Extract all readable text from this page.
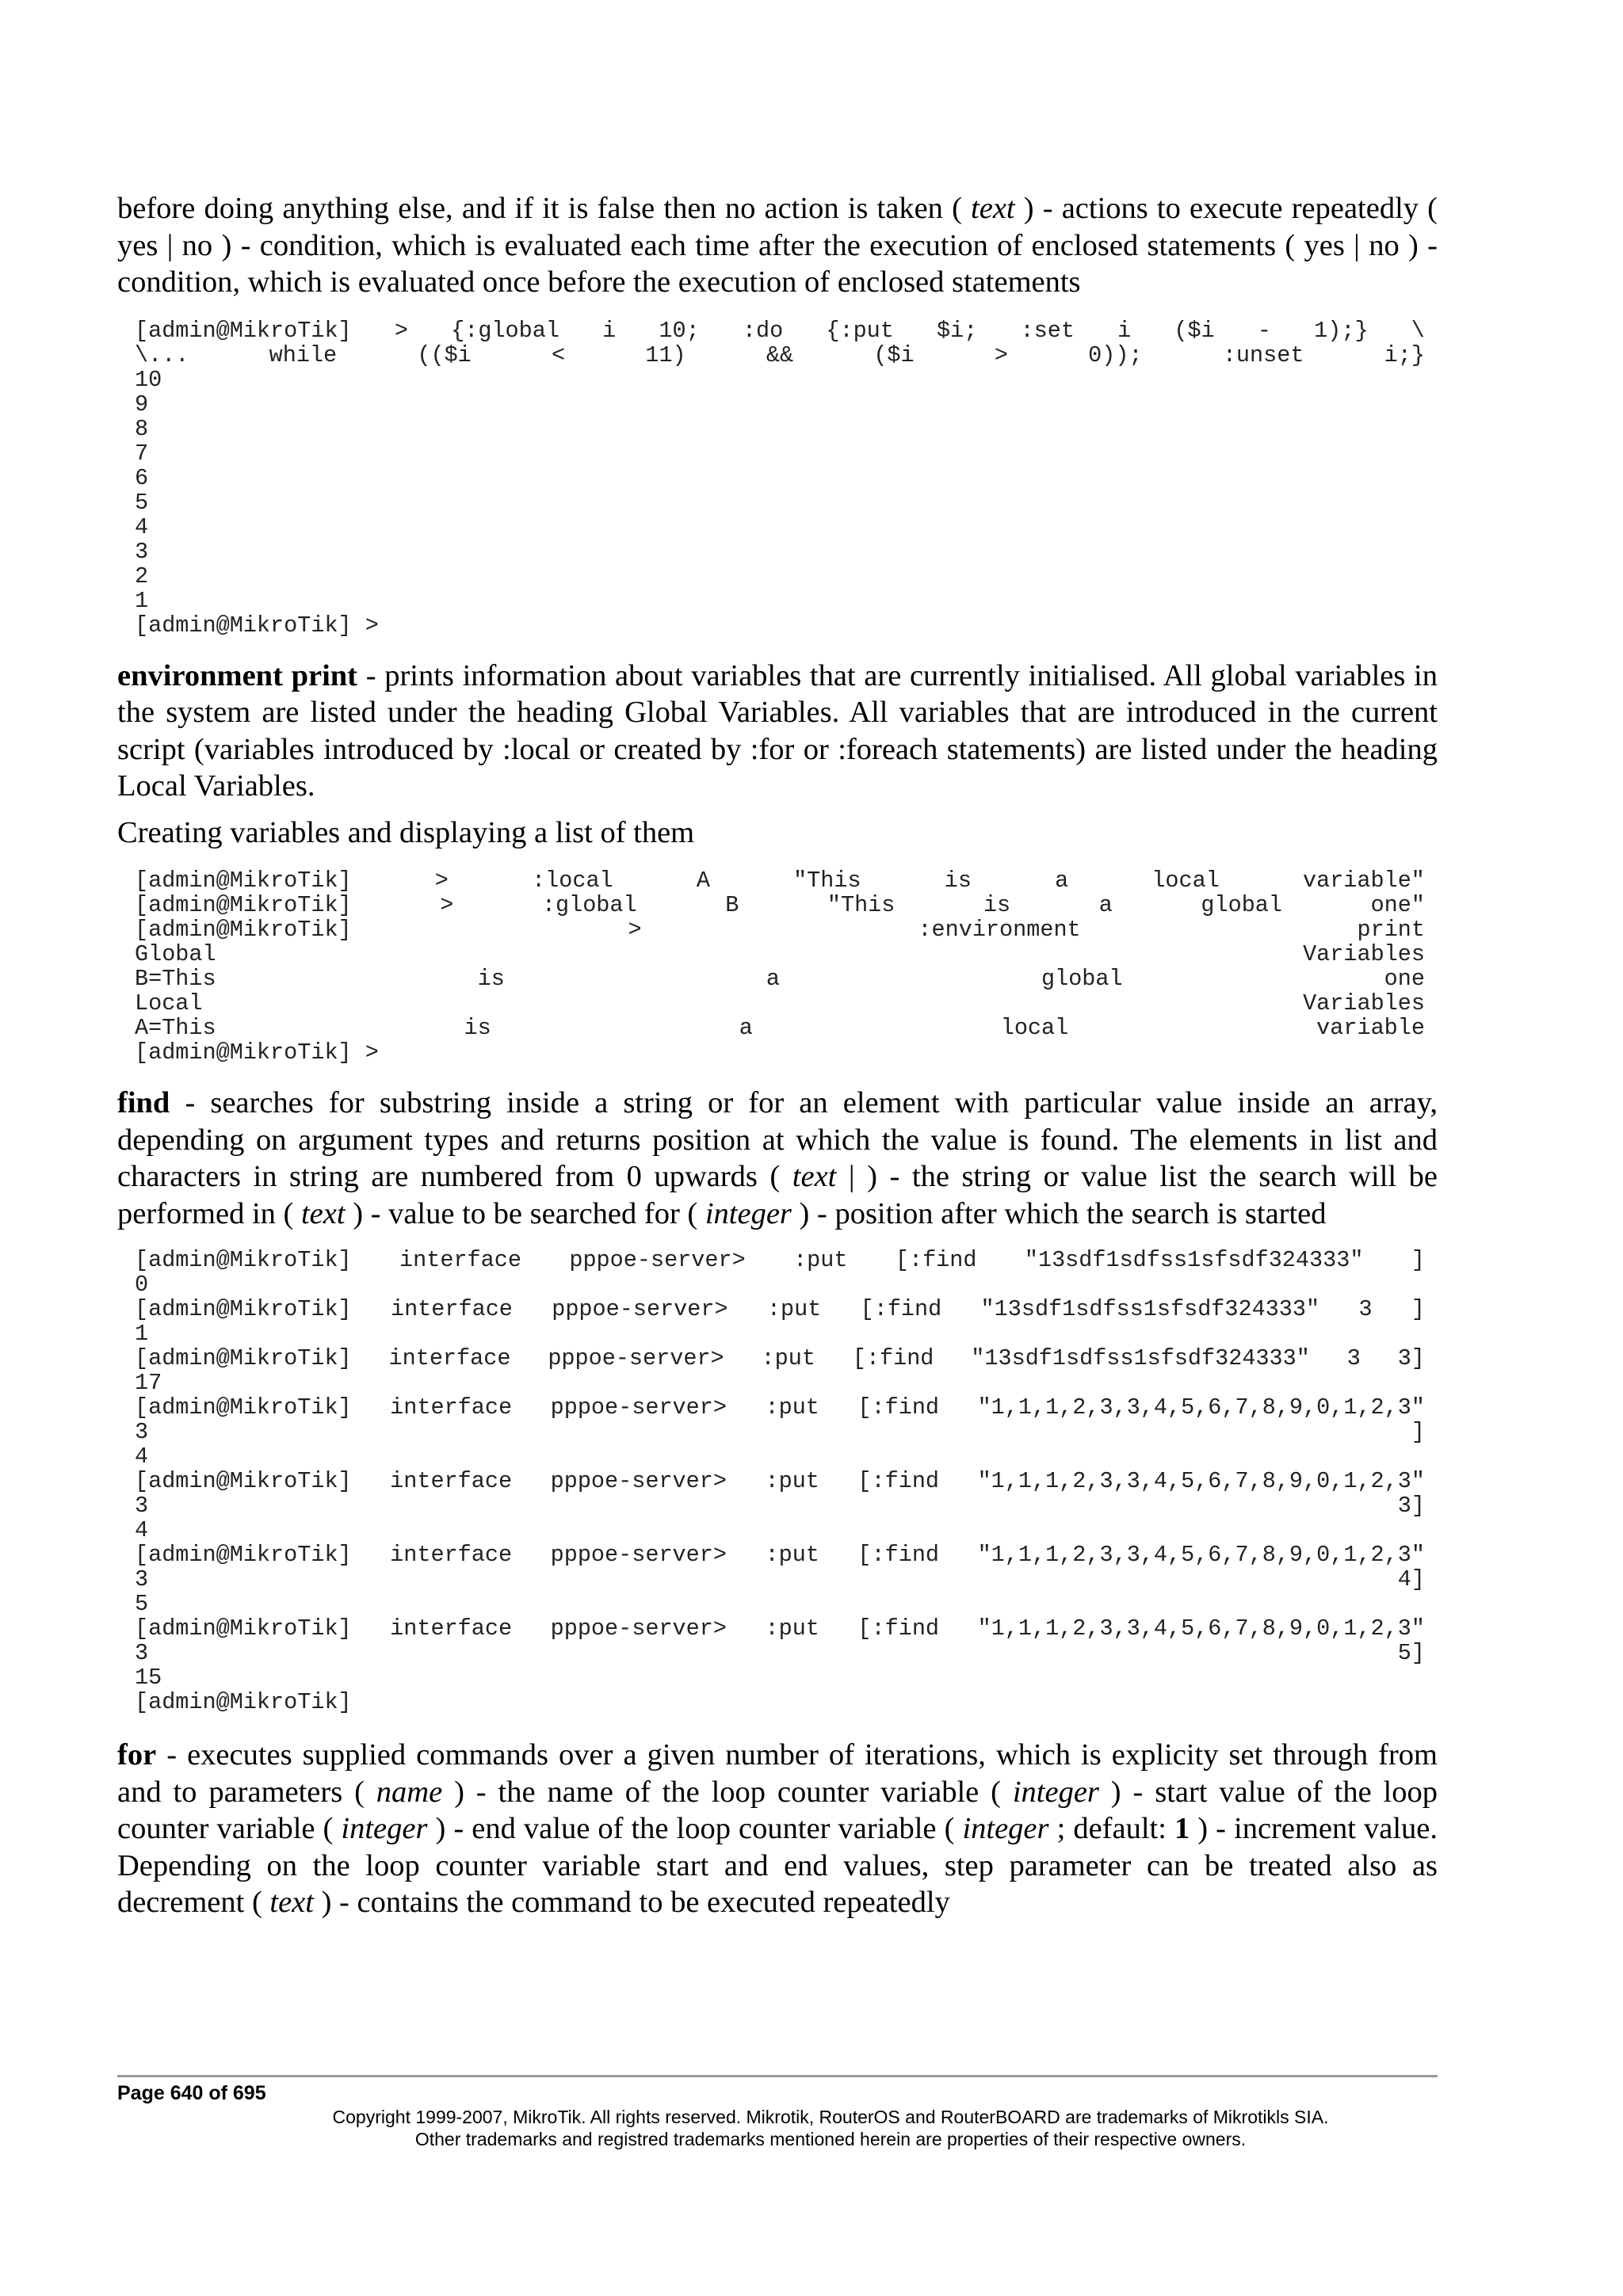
before doing anything else, and if it is false then no action is taken ( text ) - actions to execute repeatedly ( yes | no ) - condition, which is evaluated each time after the execution of enclosed statements ( yes | no ) - condition, which is evaluated once before the execution of enclosed statements

[admin@MikroTik] > {:global i 10; :do {:put $i; :set i ($i - 1);} \
\...	while	(($i	<	11)	&&	($i	>	0));	:unset	i;}
10
9
8
7
6
5
4
3
2
1
[admin@MikroTik] >

environment print - prints information about variables that are currently initialised. All global variables in the system are listed under the heading Global Variables. All variables that are introduced in the current script (variables introduced by :local or created by :for or :foreach statements) are listed under the heading Local Variables.

Creating variables and displaying a list of them

[admin@MikroTik]	>	:local	A	"This	is	a	local	variable"
[admin@MikroTik]	>	:global	B	"This	is	a	global	one"
[admin@MikroTik]	>	:environment	print
Global	Variables
B=This	is	a	global	one
Local	Variables
A=This	is	a	local	variable
[admin@MikroTik] >

find - searches for substring inside a string or for an element with particular value inside an array, depending on argument types and returns position at which the value is found. The elements in list and characters in string are numbered from 0 upwards ( text | ) - the string or value list the search will be performed in ( text ) - value to be searched for ( integer ) - position after which the search is started

[admin@MikroTik] interface pppoe-server> :put [:find "13sdf1sdfss1sfsdf324333" ]
0
[admin@MikroTik] interface pppoe-server> :put [:find "13sdf1sdfss1sfsdf324333" 3 ]
1
[admin@MikroTik] interface pppoe-server> :put [:find "13sdf1sdfss1sfsdf324333" 3 3]
17
[admin@MikroTik] interface pppoe-server> :put [:find "1,1,1,2,3,3,4,5,6,7,8,9,0,1,2,3"
3	]
4
[admin@MikroTik] interface pppoe-server> :put [:find "1,1,1,2,3,3,4,5,6,7,8,9,0,1,2,3"
3	3]
4
[admin@MikroTik] interface pppoe-server> :put [:find "1,1,1,2,3,3,4,5,6,7,8,9,0,1,2,3"
3	4]
5
[admin@MikroTik] interface pppoe-server> :put [:find "1,1,1,2,3,3,4,5,6,7,8,9,0,1,2,3"
3	5]
15
[admin@MikroTik]

for - executes supplied commands over a given number of iterations, which is explicity set through from and to parameters ( name ) - the name of the loop counter variable ( integer ) - start value of the loop counter variable ( integer ) - end value of the loop counter variable ( integer ; default: 1 ) - increment value. Depending on the loop counter variable start and end values, step parameter can be treated also as decrement ( text ) - contains the command to be executed repeatedly

Page 640 of 695
Copyright 1999-2007, MikroTik. All rights reserved. Mikrotik, RouterOS and RouterBOARD are trademarks of Mikrotikls SIA.
Other trademarks and registred trademarks mentioned herein are properties of their respective owners.
